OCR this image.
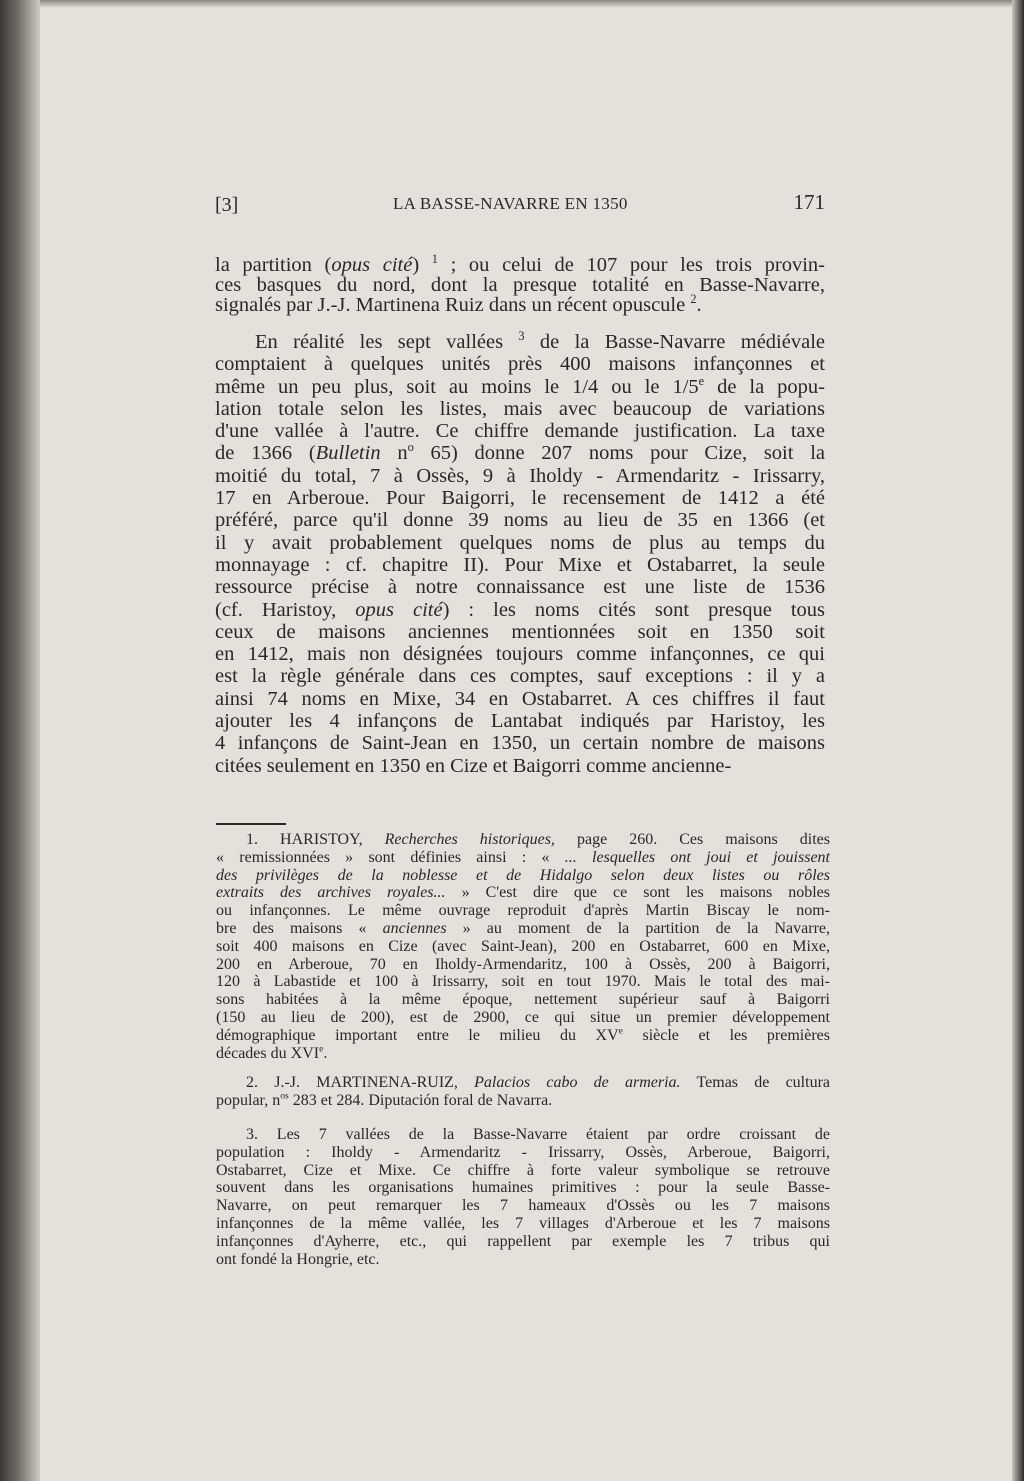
[3]	LA BASSE-NAVARRE EN 1350	171
la partition (opus cité) $^1$ ; ou celui de 107 pour les trois provin-
ces basques du nord, dont la presque totalité en Basse-Navarre,
signalés par J.-J. Martinena Ruiz dans un récent opuscule $^2$.
En réalité les sept vallées $^3$ de la Basse-Navarre médiévale
comptaient à quelques unités près 400 maisons infançonnes et
même un peu plus, soit au moins le 1/4 ou le 1/5e de la popu-
lation totale selon les listes, mais avec beaucoup de variations
d'une vallée à l'autre. Ce chiffre demande justification. La taxe
de 1366 (Bulletin $n^o$ 65) donne 207 noms pour Cize, soit la
moitié du total, 7 à Ossès, 9 à Iholdy - Armendaritz - Irissarry,
17 en Arberoue. Pour Baigorri, le recensement de 1412 a été
préféré, parce qu'il donne 39 noms au lieu de 35 en 1366 (et
il y avait probablement quelques noms de plus au temps du
monnayage : cf. chapitre II). Pour Mixe et Ostabarret, la seule
ressource précise à notre connaissance est une liste de 1536
(cf. Haristoy, opus cité) : les noms cités sont presque tous
ceux de maisons anciennes mentionnées soit en 1350 soit
en 1412, mais non désignées toujours comme infançonnes, ce qui
est la règle générale dans ces comptes, sauf exceptions : il y a
ainsi 74 noms en Mixe, 34 en Ostabarret. A ces chiffres il faut
ajouter les 4 infançons de Lantabat indiqués par Haristoy, les
4 infançons de Saint-Jean en 1350, un certain nombre de maisons
citées seulement en 1350 en Cize et Baigorri comme ancienne-
1. HARISTOY, Recherches historiques, page 260. Ces maisons dites
« remissionnées » sont définies ainsi : « ... lesquelles ont joui et jouissent
des privilèges de la noblesse et de Hidalgo selon deux listes ou rôles
extraits des archives royales... » C'est dire que ce sont les maisons nobles
ou infançonnes. Le même ouvrage reproduit d'après Martin Biscay le nom-
bre des maisons « anciennes » au moment de la partition de la Navarre,
soit 400 maisons en Cize (avec Saint-Jean), 200 en Ostabarret, 600 en Mixe,
200 en Arberoue, 70 en Iholdy-Armendaritz, 100 à Ossès, 200 à Baigorri,
120 à Labastide et 100 à Irissarry, soit en tout 1970. Mais le total des mai-
sons habitées à la même époque, nettement supérieur sauf à Baigorri
(150 au lieu de 200), est de 2900, ce qui situe un premier développement
démographique important entre le milieu du XVe siècle et les premières
décades du XVIe.
2. J.-J. MARTINENA-RUIZ, Palacios cabo de armeria. Temas de cultura
popular, $n^{os}$ 283 et 284. Diputación foral de Navarra.
3. Les 7 vallées de la Basse-Navarre étaient par ordre croissant de
population : Iholdy - Armendaritz - Irissarry, Ossès, Arberoue, Baigorri,
Ostabarret, Cize et Mixe. Ce chiffre à forte valeur symbolique se retrouve
souvent dans les organisations humaines primitives : pour la seule Basse-
Navarre, on peut remarquer les 7 hameaux d'Ossès ou les 7 maisons
infançonnes de la même vallée, les 7 villages d'Arberoue et les 7 maisons
infançonnes d'Ayherre, etc., qui rappellent par exemple les 7 tribus qui
ont fondé la Hongrie, etc.
